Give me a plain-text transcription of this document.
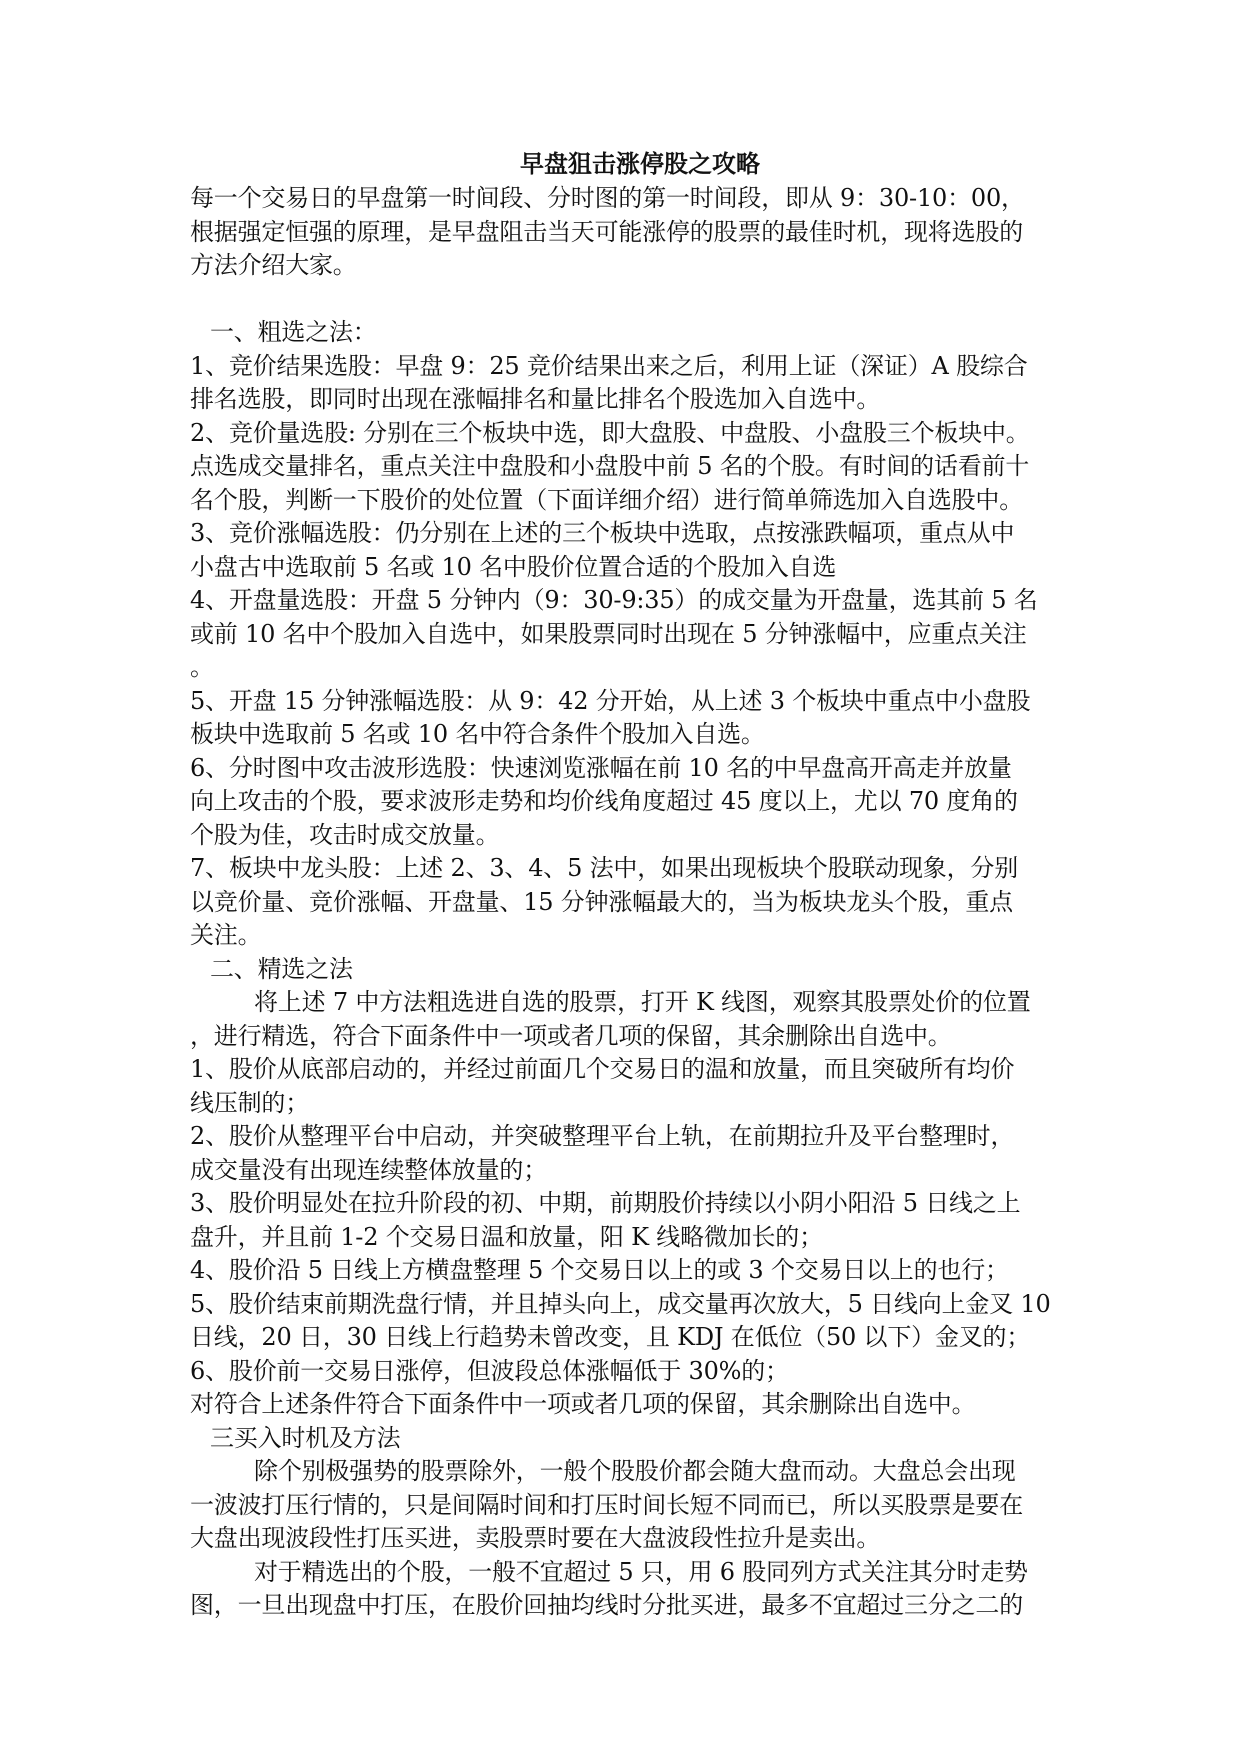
早盘狙击涨停股之攻略
每一个交易日的早盘第一时间段、分时图的第一时间段，即从 9：30-10：00，
根据强定恒强的原理，是早盘阻击当天可能涨停的股票的最佳时机，现将选股的
方法介绍大家。
一、粗选之法：
1、竞价结果选股：早盘 9：25 竞价结果出来之后，利用上证（深证）A 股综合
排名选股，即同时出现在涨幅排名和量比排名个股选加入自选中。
2、竞价量选股: 分别在三个板块中选，即大盘股、中盘股、小盘股三个板块中。
点选成交量排名，重点关注中盘股和小盘股中前 5 名的个股。有时间的话看前十
名个股，判断一下股价的处位置（下面详细介绍）进行简单筛选加入自选股中。
3、竞价涨幅选股：仍分别在上述的三个板块中选取，点按涨跌幅项，重点从中
小盘古中选取前 5 名或 10 名中股价位置合适的个股加入自选
4、开盘量选股：开盘 5 分钟内（9：30-9:35）的成交量为开盘量，选其前 5 名
或前 10 名中个股加入自选中，如果股票同时出现在 5 分钟涨幅中，应重点关注
。
5、开盘 15 分钟涨幅选股：从 9：42 分开始，从上述 3 个板块中重点中小盘股
板块中选取前 5 名或 10 名中符合条件个股加入自选。
6、分时图中攻击波形选股：快速浏览涨幅在前 10 名的中早盘高开高走并放量
向上攻击的个股，要求波形走势和均价线角度超过 45 度以上，尤以 70 度角的
个股为佳，攻击时成交放量。
7、板块中龙头股：上述 2、3、4、5 法中，如果出现板块个股联动现象，分别
以竞价量、竞价涨幅、开盘量、15 分钟涨幅最大的，当为板块龙头个股，重点
关注。
二、精选之法
将上述 7 中方法粗选进自选的股票，打开 K 线图，观察其股票处价的位置
，进行精选，符合下面条件中一项或者几项的保留，其余删除出自选中。
1、股价从底部启动的，并经过前面几个交易日的温和放量，而且突破所有均价
线压制的；
2、股价从整理平台中启动，并突破整理平台上轨，在前期拉升及平台整理时，
成交量没有出现连续整体放量的；
3、股价明显处在拉升阶段的初、中期，前期股价持续以小阴小阳沿 5 日线之上
盘升，并且前 1-2 个交易日温和放量，阳 K 线略微加长的；
4、股价沿 5 日线上方横盘整理 5 个交易日以上的或 3 个交易日以上的也行；
5、股价结束前期洗盘行情，并且掉头向上，成交量再次放大，5 日线向上金叉 10
日线，20 日，30 日线上行趋势未曾改变，且 KDJ 在低位（50 以下）金叉的；
6、股价前一交易日涨停，但波段总体涨幅低于 30%的；
对符合上述条件符合下面条件中一项或者几项的保留，其余删除出自选中。
三买入时机及方法
除个别极强势的股票除外，一般个股股价都会随大盘而动。大盘总会出现
一波波打压行情的，只是间隔时间和打压时间长短不同而已，所以买股票是要在
大盘出现波段性打压买进，卖股票时要在大盘波段性拉升是卖出。
对于精选出的个股，一般不宜超过 5 只，用 6 股同列方式关注其分时走势
图，一旦出现盘中打压，在股价回抽均线时分批买进，最多不宜超过三分之二的
